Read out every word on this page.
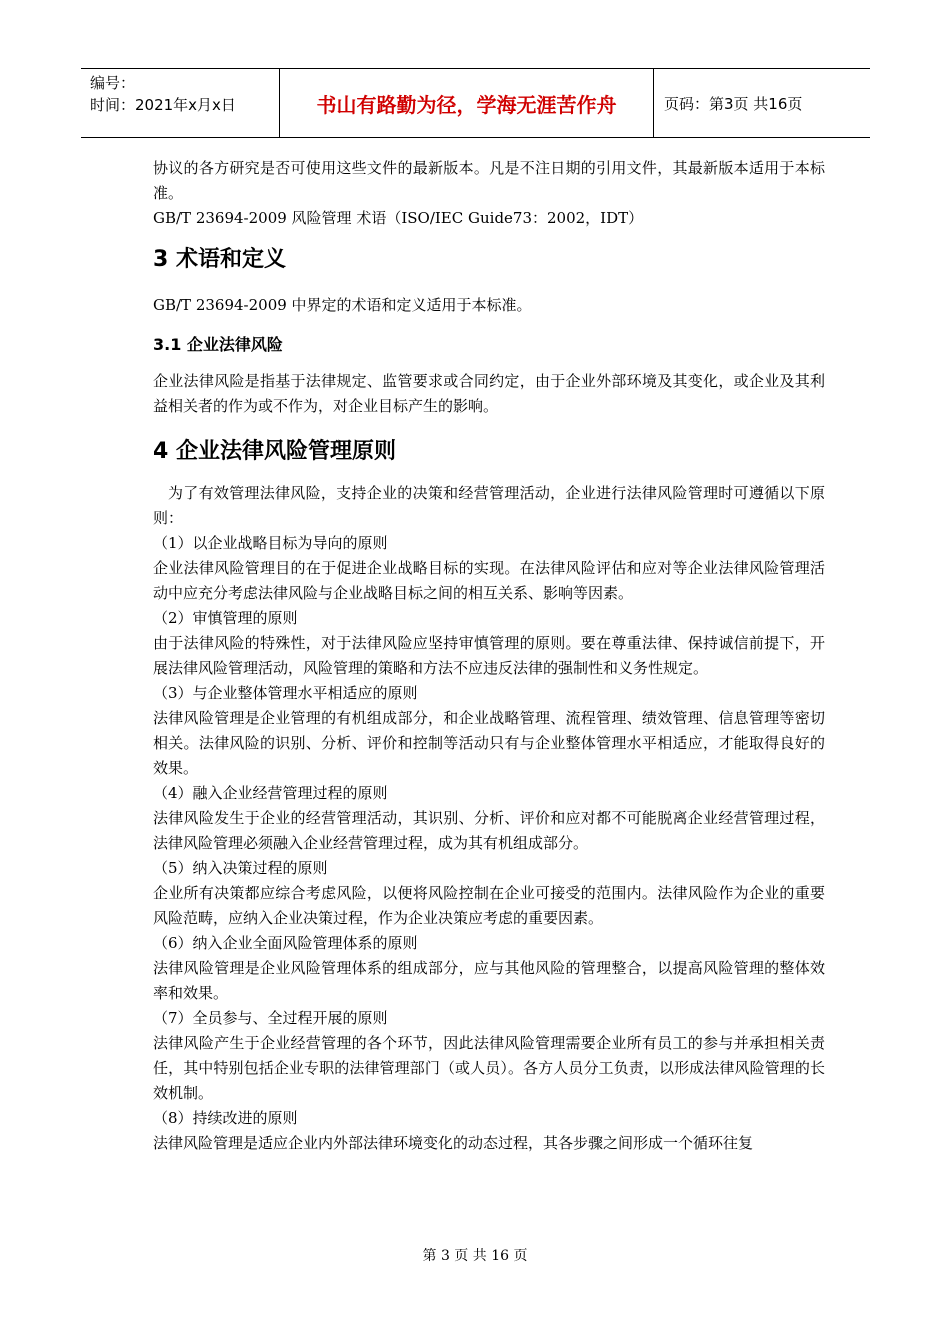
编号：
时间：2021年x月x日	书山有路勤为径，学海无涯苦作舟	页码：第3页 共16页

协议的各方研究是否可使用这些文件的最新版本。凡是不注日期的引用文件，其最新版本适用于本标准。

GB/T 23694-2009 风险管理 术语（ISO/IEC Guide73：2002，IDT）

3 术语和定义

GB/T 23694-2009 中界定的术语和定义适用于本标准。

3.1 企业法律风险

企业法律风险是指基于法律规定、监管要求或合同约定，由于企业外部环境及其变化，或企业及其利益相关者的作为或不作为，对企业目标产生的影响。

4 企业法律风险管理原则

为了有效管理法律风险，支持企业的决策和经营管理活动，企业进行法律风险管理时可遵循以下原则：

（1）以企业战略目标为导向的原则

企业法律风险管理目的在于促进企业战略目标的实现。在法律风险评估和应对等企业法律风险管理活动中应充分考虑法律风险与企业战略目标之间的相互关系、影响等因素。

（2）审慎管理的原则

由于法律风险的特殊性，对于法律风险应坚持审慎管理的原则。要在尊重法律、保持诚信前提下，开展法律风险管理活动，风险管理的策略和方法不应违反法律的强制性和义务性规定。

（3）与企业整体管理水平相适应的原则

法律风险管理是企业管理的有机组成部分，和企业战略管理、流程管理、绩效管理、信息管理等密切相关。法律风险的识别、分析、评价和控制等活动只有与企业整体管理水平相适应，才能取得良好的效果。

（4）融入企业经营管理过程的原则

法律风险发生于企业的经营管理活动，其识别、分析、评价和应对都不可能脱离企业经营管理过程，法律风险管理必须融入企业经营管理过程，成为其有机组成部分。

（5）纳入决策过程的原则

企业所有决策都应综合考虑风险，以便将风险控制在企业可接受的范围内。法律风险作为企业的重要风险范畴，应纳入企业决策过程，作为企业决策应考虑的重要因素。

（6）纳入企业全面风险管理体系的原则

法律风险管理是企业风险管理体系的组成部分，应与其他风险的管理整合，以提高风险管理的整体效率和效果。

（7）全员参与、全过程开展的原则

法律风险产生于企业经营管理的各个环节，因此法律风险管理需要企业所有员工的参与并承担相关责任，其中特别包括企业专职的法律管理部门（或人员）。各方人员分工负责，以形成法律风险管理的长效机制。

（8）持续改进的原则

法律风险管理是适应企业内外部法律环境变化的动态过程，其各步骤之间形成一个循环往复

第 3 页 共 16 页
